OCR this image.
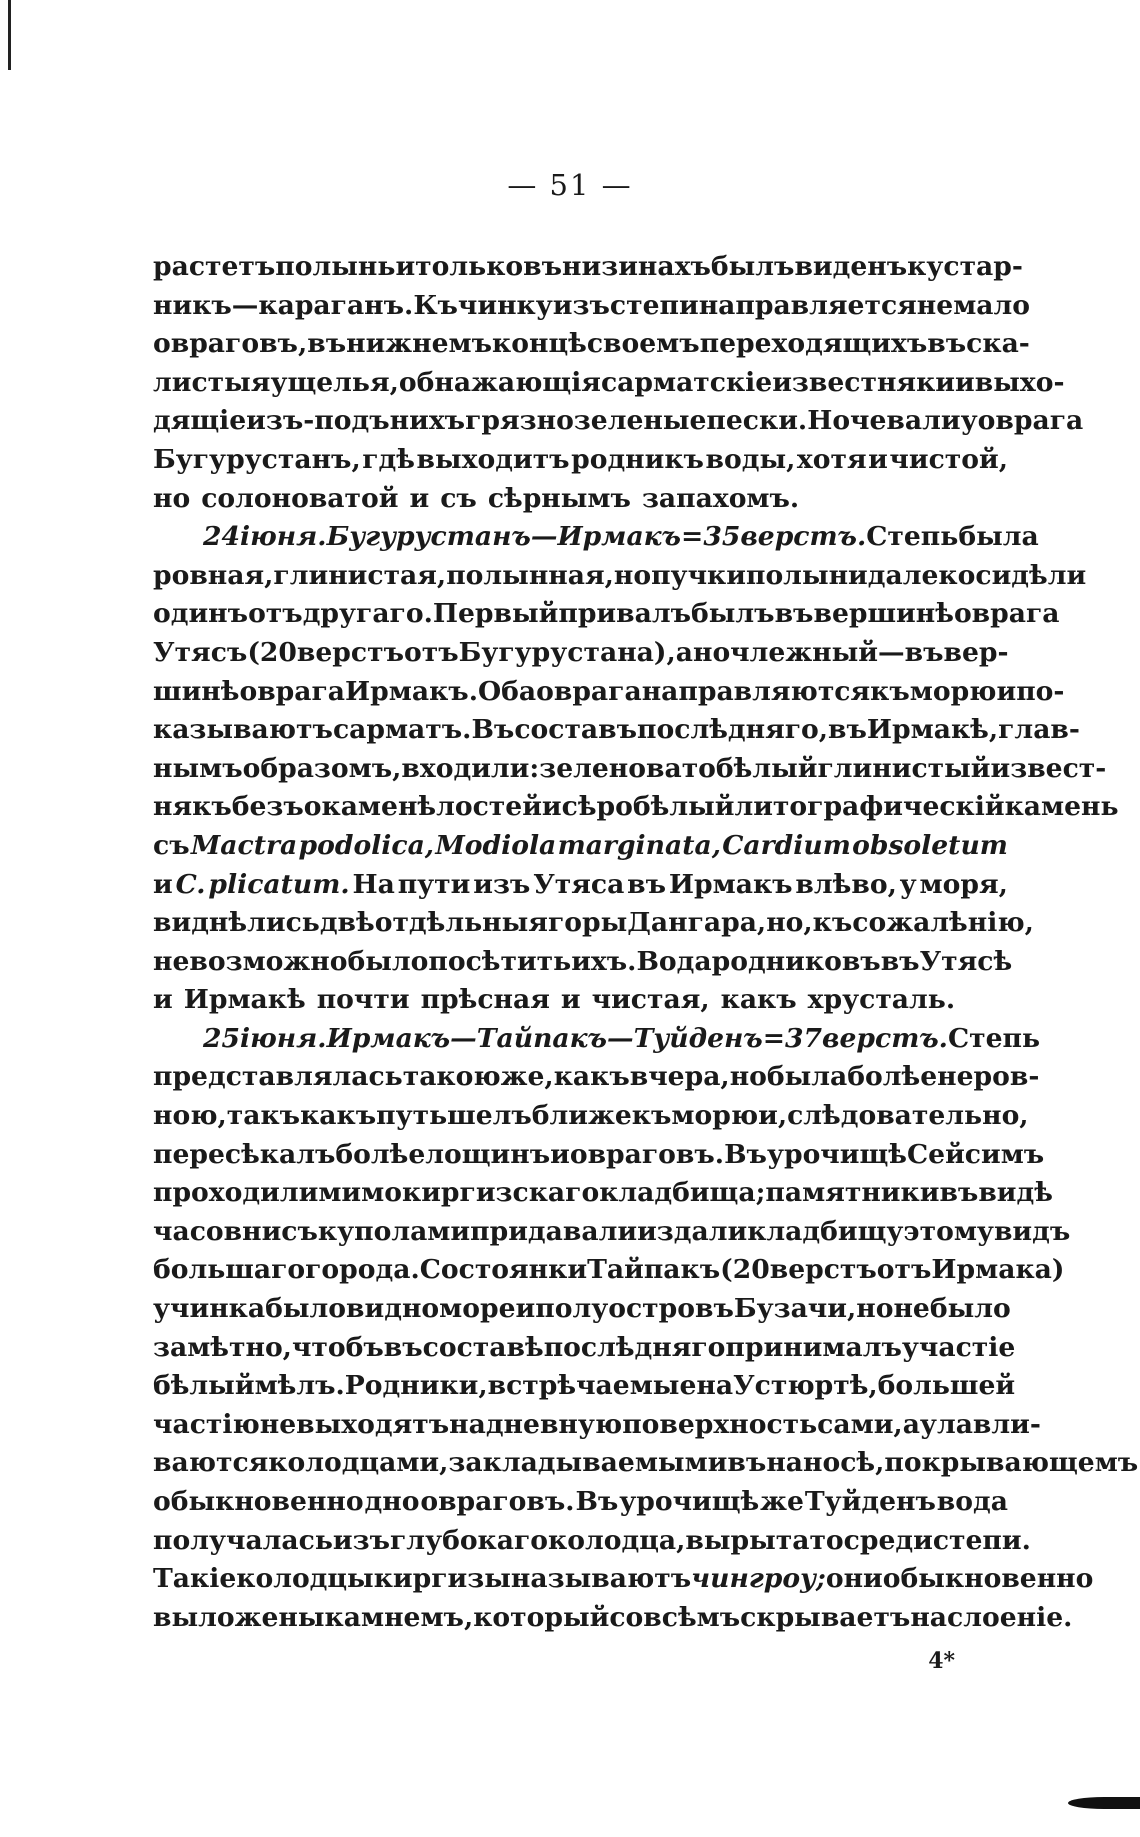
— 51 —
растетъ полынь и только въ низинахъ былъ виденъ кустар-
никъ—караганъ. Къ чинку изъ степи направляется не мало
овраговъ, въ нижнемъ концѣ своемъ переходящихъ въ ска-
листыя ущелья, обнажающія сарматскіе известняки и выхо-
дящіе изъ-подъ нихъ грязнозеленые пески. Ночевали у оврага
Бугурустанъ, гдѣ выходитъ родникъ воды, хотя и чистой,
но солоноватой и съ сѣрнымъ запахомъ.
24 іюня. Бугурустанъ—Ирмакъ = 35 верстъ. Степь была
ровная, глинистая, полынная, но пучки полыни далеко сидѣли
одинъ отъ другаго. Первый привалъ былъ въ вершинѣ оврага
Утясъ (20 верстъ отъ Бугурустана), а ночлежный — въ вер-
шинѣ оврага Ирмакъ. Оба оврага направляются къ морю и по-
казываютъ сарматъ. Въ составъ послѣдняго, въ Ирмакѣ, глав-
нымъ образомъ, входили: зеленоватобѣлый глинистый извест-
някъ безъ окаменѣлостей и сѣробѣлый литографическій камень
съ Mactra podolica, Modiola marginata, Cardium obsoletum
и C. plicatum. На пути изъ Утяса въ Ирмакъ влѣво, у моря,
виднѣлись двѣ отдѣльныя горы Дангара, но, къ сожалѣнію,
не возможно было посѣтить ихъ. Вода родниковъ въ Утясѣ
и Ирмакѣ почти прѣсная и чистая, какъ хрусталь.
25 іюня. Ирмакъ—Тайпакъ—Туйденъ=37 верстъ. Степь
представлялась такою же, какъ вчера, но была болѣе неров-
ною, такъ какъ путь шелъ ближе къ морю и, слѣдовательно,
пересѣкалъ болѣе лощинъ и овраговъ. Въ урочищѣ Сейсимъ
проходили мимо киргизскаго кладбища; памятники въ видѣ
часовни съ куполами придавали издали кладбищу этому видъ
большаго города. Со стоянки Тайпакъ (20 верстъ отъ Ирмака)
у чинка было видно море и полуостровъ Бузачи, но не было
замѣтно, чтобъ въ составѣ послѣдняго принималъ участіе
бѣлый мѣлъ. Родники, встрѣчаемые на Устюртѣ, большей
частію не выходятъ на дневную поверхность сами, а улавли-
ваются колодцами, закладываемыми въ наносѣ, покрывающемъ
обыкновенно дно овраговъ. Въ урочищѣ же Туйденъ вода
получалась изъ глубокаго колодца, вырытато среди степи.
Такіе колодцы киргизы называютъ чингроу; они обыкновенно
выложены камнемъ, который совсѣмъ скрываетъ наслоеніе.
4*
